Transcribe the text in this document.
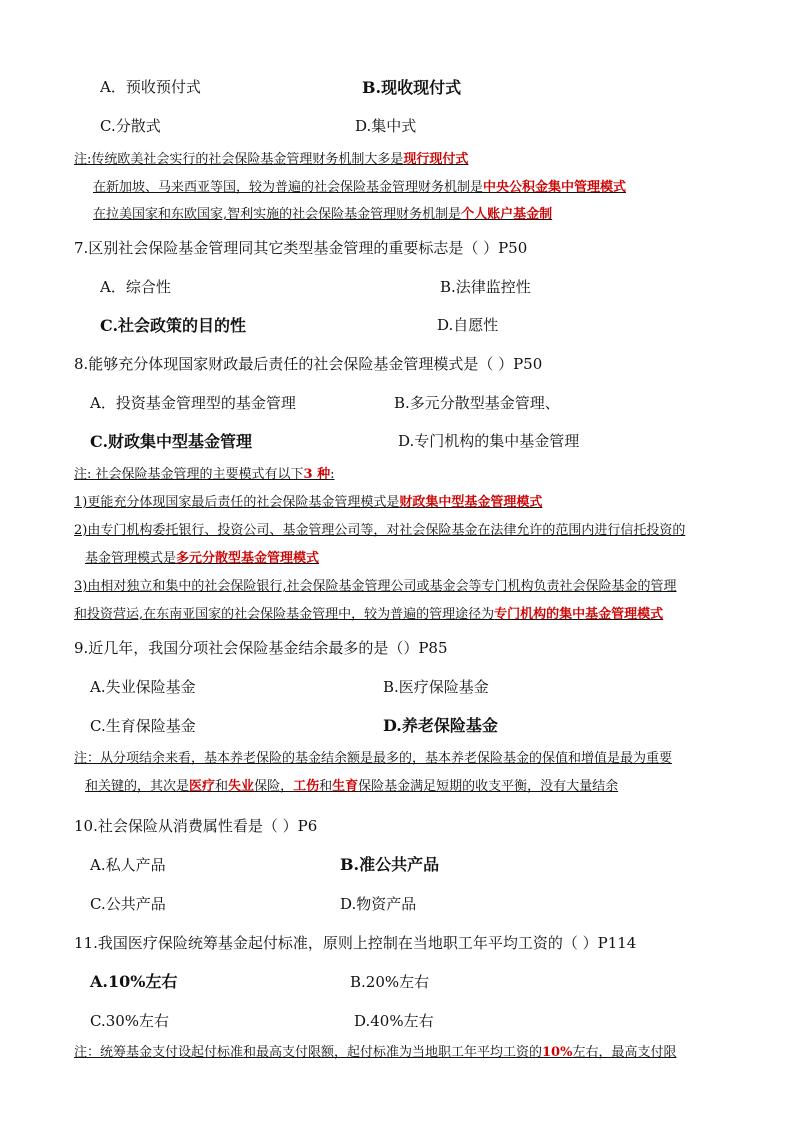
A．预收预付式	B.现收现付式
C.分散式	D.集中式
注:传统欧美社会实行的社会保险基金管理财务机制大多是现行现付式
在新加坡、马来西亚等国，较为普遍的社会保险基金管理财务机制是中央公积金集中管理模式
在拉美国家和东欧国家,智利实施的社会保险基金管理财务机制是个人账户基金制
7.区别社会保险基金管理同其它类型基金管理的重要标志是（ ）P50
A．综合性	B.法律监控性
C.社会政策的目的性	D.自愿性
8.能够充分体现国家财政最后责任的社会保险基金管理模式是（ ）P50
A．投资基金管理型的基金管理	B.多元分散型基金管理、
C.财政集中型基金管理	D.专门机构的集中基金管理
注: 社会保险基金管理的主要模式有以下3 种:
1)更能充分体现国家最后责任的社会保险基金管理模式是财政集中型基金管理模式
2)由专门机构委托银行、投资公司、基金管理公司等，对社会保险基金在法律允许的范围内进行信托投资的
基金管理模式是多元分散型基金管理模式
3)由相对独立和集中的社会保险银行,社会保险基金管理公司或基金会等专门机构负责社会保险基金的管理
和投资营运,在东南亚国家的社会保险基金管理中，较为普遍的管理途径为专门机构的集中基金管理模式
9.近几年，我国分项社会保险基金结余最多的是（）P85
A.失业保险基金	B.医疗保险基金
C.生育保险基金	D.养老保险基金
注：从分项结余来看，基本养老保险的基金结余额是最多的，基本养老保险基金的保值和增值是最为重要
和关键的，其次是医疗和失业保险，工伤和生育保险基金满足短期的收支平衡，没有大量结余
10.社会保险从消费属性看是（ ）P6
A.私人产品	B.准公共产品
C.公共产品	D.物资产品
11.我国医疗保险统筹基金起付标准，原则上控制在当地职工年平均工资的（ ）P114
A.10%左右	B.20%左右
C.30%左右	D.40%左右
注：统筹基金支付设起付标准和最高支付限额，起付标准为当地职工年平均工资的10%左右，最高支付限
